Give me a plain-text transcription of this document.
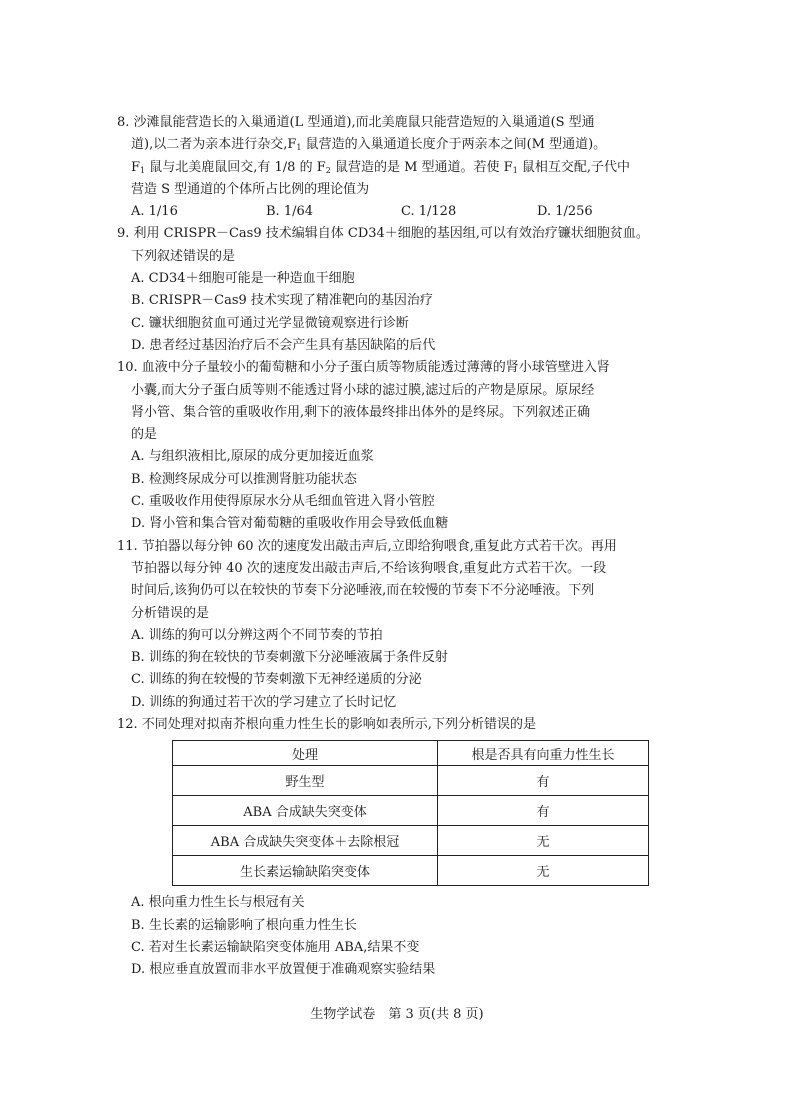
8. 沙滩鼠能营造长的入巢通道(L 型通道),而北美鹿鼠只能营造短的入巢通道(S 型通
道),以二者为亲本进行杂交$,F_1$ 鼠营造的入巢通道长度介于两亲本之间(M 型通道)。
$F_1$ 鼠与北美鹿鼠回交,有 1/8 的 $F_2$ 鼠营造的是 M 型通道。若使 $F_1$ 鼠相互交配,子代中
营造 S 型通道的个体所占比例的理论值为
A. 1/16	B. 1/64	C. 1/128	D. 1/256
9. 利用 CRISPR－Cas9 技术编辑自体 CD34＋细胞的基因组,可以有效治疗镰状细胞贫血。
下列叙述错误的是
A. CD34＋细胞可能是一种造血干细胞
B. CRISPR－Cas9 技术实现了精准靶向的基因治疗
C. 镰状细胞贫血可通过光学显微镜观察进行诊断
D. 患者经过基因治疗后不会产生具有基因缺陷的后代
10. 血液中分子量较小的葡萄糖和小分子蛋白质等物质能透过薄薄的肾小球管壁进入肾
小囊,而大分子蛋白质等则不能透过肾小球的滤过膜,滤过后的产物是原尿。原尿经
肾小管、集合管的重吸收作用,剩下的液体最终排出体外的是终尿。下列叙述正确
的是
A. 与组织液相比,原尿的成分更加接近血浆
B. 检测终尿成分可以推测肾脏功能状态
C. 重吸收作用使得原尿水分从毛细血管进入肾小管腔
D. 肾小管和集合管对葡萄糖的重吸收作用会导致低血糖
11. 节拍器以每分钟 60 次的速度发出敲击声后,立即给狗喂食,重复此方式若干次。再用
节拍器以每分钟 40 次的速度发出敲击声后,不给该狗喂食,重复此方式若干次。一段
时间后,该狗仍可以在较快的节奏下分泌唾液,而在较慢的节奏下不分泌唾液。下列
分析错误的是
A. 训练的狗可以分辨这两个不同节奏的节拍
B. 训练的狗在较快的节奏刺激下分泌唾液属于条件反射
C. 训练的狗在较慢的节奏刺激下无神经递质的分泌
D. 训练的狗通过若干次的学习建立了长时记忆
12. 不同处理对拟南芥根向重力性生长的影响如表所示,下列分析错误的是
处理	根是否具有向重力性生长
野生型	有
ABA 合成缺失突变体	有
ABA 合成缺失突变体＋去除根冠	无
生长素运输缺陷突变体	无
A. 根向重力性生长与根冠有关
B. 生长素的运输影响了根向重力性生长
C. 若对生长素运输缺陷突变体施用 ABA,结果不变
D. 根应垂直放置而非水平放置便于准确观察实验结果
生物学试卷　第 3 页(共 8 页)
